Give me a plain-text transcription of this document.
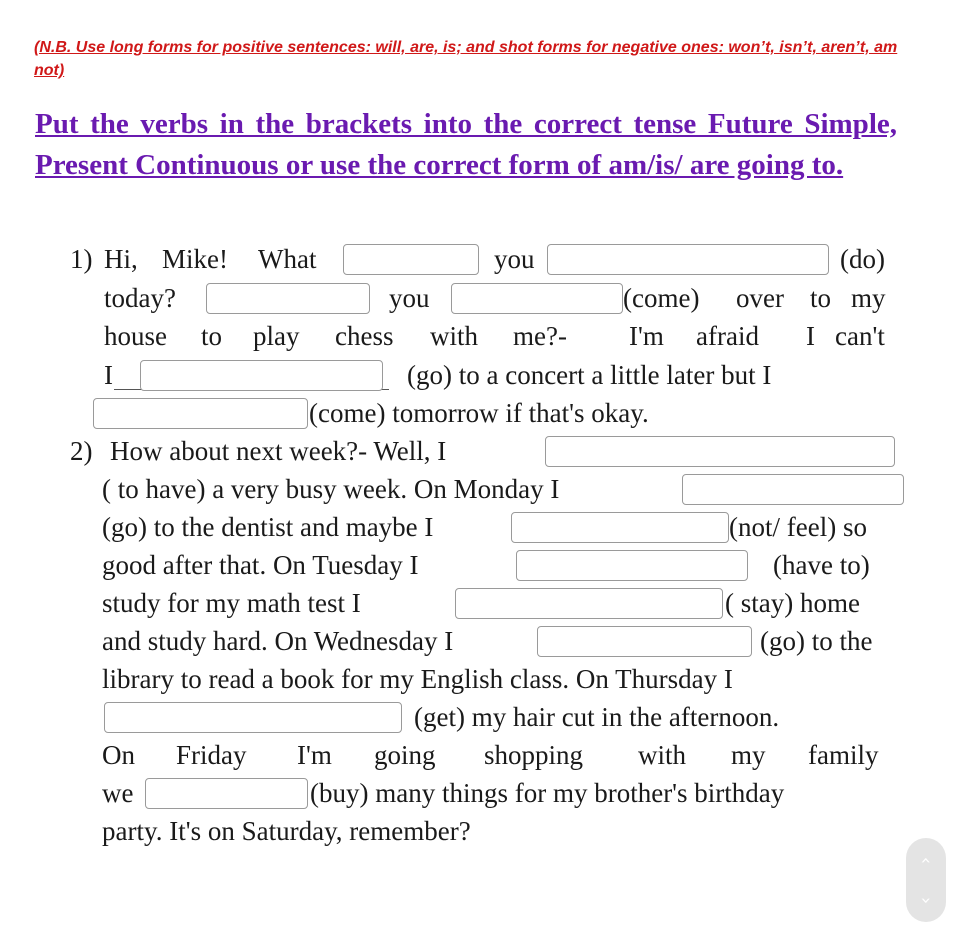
(N.B. Use long forms for positive sentences: will, are, is; and shot forms for negative ones: won’t, isn’t, aren’t, am not)
Put the verbs in the brackets into the correct tense Future Simple, Present Continuous or use the correct form of am/is/ are going to.
1) Hi, Mike! What	you	(do)
today?	you	(come) over to my
house to play chess with me?- I'm afraid I can't
I	(go) to a concert a little later but I
(come) tomorrow if that's okay.
2) How about next week?- Well, I
( to have) a very busy week. On Monday I
(go) to the dentist and maybe I	(not/ feel) so
good after that. On Tuesday I	(have to)
study for my math test I	( stay) home
and study hard. On Wednesday I	(go) to the
library to read a book for my English class. On Thursday I
(get) my hair cut in the afternoon.
On Friday I'm going shopping with my family
we	(buy) many things for my brother's birthday
party. It's on Saturday, remember?
‹
›
